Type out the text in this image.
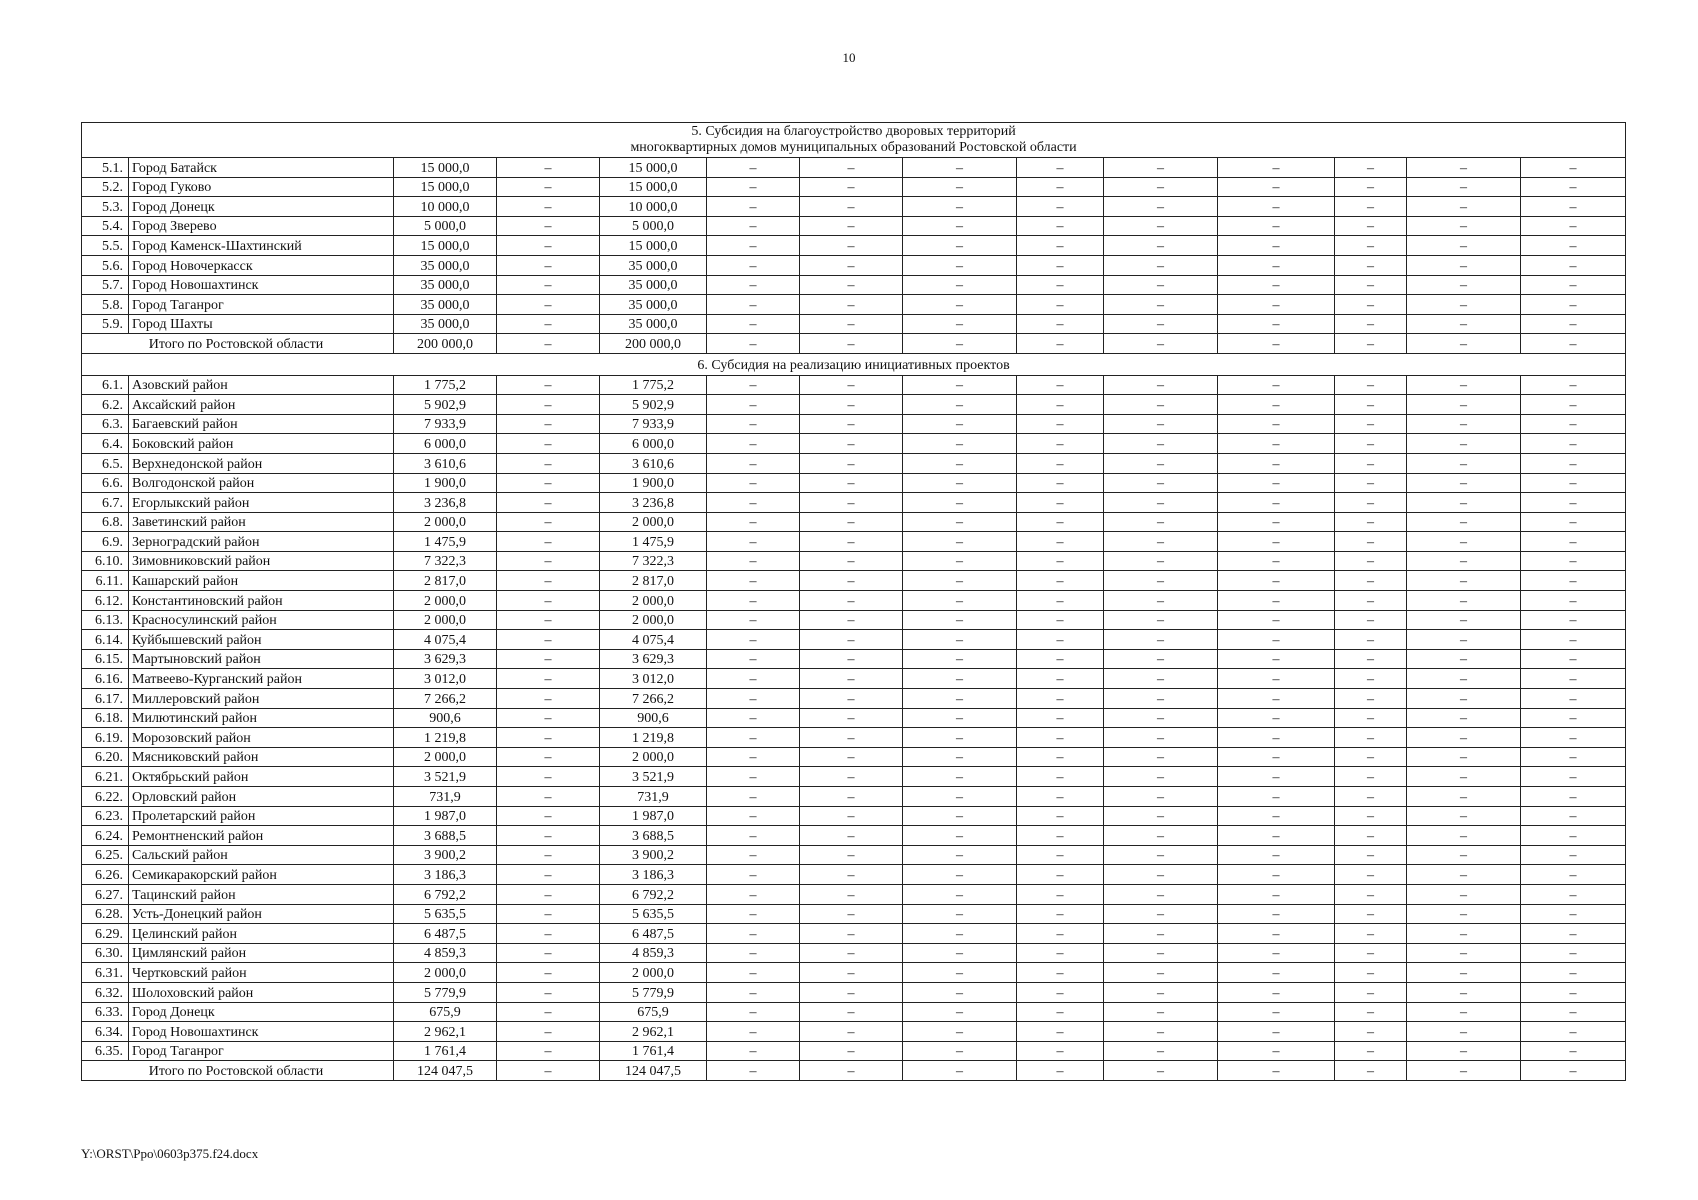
10
5. Субсидия на благоустройство дворовых территорий
многоквартирных домов муниципальных образований Ростовской области														

5.1.	Город Батайск	15 000,0	–	15 000,0	–	–	–	–	–	–	–	–	–	
5.2.	Город Гуково	15 000,0	–	15 000,0	–	–	–	–	–	–	–	–	–	
5.3.	Город Донецк	10 000,0	–	10 000,0	–	–	–	–	–	–	–	–	–	
5.4.	Город Зверево	5 000,0	–	5 000,0	–	–	–	–	–	–	–	–	–	
5.5.	Город Каменск-Шахтинский	15 000,0	–	15 000,0	–	–	–	–	–	–	–	–	–	
5.6.	Город Новочеркасск	35 000,0	–	35 000,0	–	–	–	–	–	–	–	–	–	
5.7.	Город Новошахтинск	35 000,0	–	35 000,0	–	–	–	–	–	–	–	–	–	
5.8.	Город Таганрог	35 000,0	–	35 000,0	–	–	–	–	–	–	–	–	–	
5.9.	Город Шахты	35 000,0	–	35 000,0	–	–	–	–	–	–	–	–	–	
Итого по Ростовской области		200 000,0	–	200 000,0	–	–	–	–	–	–	–	–	–	

6. Субсидия на реализацию инициативных проектов														

6.1.	Азовский район	1 775,2	–	1 775,2	–	–	–	–	–	–	–	–	–	
6.2.	Аксайский район	5 902,9	–	5 902,9	–	–	–	–	–	–	–	–	–	
6.3.	Багаевский район	7 933,9	–	7 933,9	–	–	–	–	–	–	–	–	–	
6.4.	Боковский район	6 000,0	–	6 000,0	–	–	–	–	–	–	–	–	–	
6.5.	Верхнедонской район	3 610,6	–	3 610,6	–	–	–	–	–	–	–	–	–	
6.6.	Волгодонской район	1 900,0	–	1 900,0	–	–	–	–	–	–	–	–	–	
6.7.	Егорлыкский район	3 236,8	–	3 236,8	–	–	–	–	–	–	–	–	–	
6.8.	Заветинский район	2 000,0	–	2 000,0	–	–	–	–	–	–	–	–	–	
6.9.	Зерноградский район	1 475,9	–	1 475,9	–	–	–	–	–	–	–	–	–	
6.10.	Зимовниковский район	7 322,3	–	7 322,3	–	–	–	–	–	–	–	–	–	
6.11.	Кашарский район	2 817,0	–	2 817,0	–	–	–	–	–	–	–	–	–	
6.12.	Константиновский район	2 000,0	–	2 000,0	–	–	–	–	–	–	–	–	–	
6.13.	Красносулинский район	2 000,0	–	2 000,0	–	–	–	–	–	–	–	–	–	
6.14.	Куйбышевский район	4 075,4	–	4 075,4	–	–	–	–	–	–	–	–	–	
6.15.	Мартыновский район	3 629,3	–	3 629,3	–	–	–	–	–	–	–	–	–	
6.16.	Матвеево-Курганский район	3 012,0	–	3 012,0	–	–	–	–	–	–	–	–	–	
6.17.	Миллеровский район	7 266,2	–	7 266,2	–	–	–	–	–	–	–	–	–	
6.18.	Милютинский район	900,6	–	900,6	–	–	–	–	–	–	–	–	–	
6.19.	Морозовский район	1 219,8	–	1 219,8	–	–	–	–	–	–	–	–	–	
6.20.	Мясниковский район	2 000,0	–	2 000,0	–	–	–	–	–	–	–	–	–	
6.21.	Октябрьский район	3 521,9	–	3 521,9	–	–	–	–	–	–	–	–	–	
6.22.	Орловский район	731,9	–	731,9	–	–	–	–	–	–	–	–	–	
6.23.	Пролетарский район	1 987,0	–	1 987,0	–	–	–	–	–	–	–	–	–	
6.24.	Ремонтненский район	3 688,5	–	3 688,5	–	–	–	–	–	–	–	–	–	
6.25.	Сальский район	3 900,2	–	3 900,2	–	–	–	–	–	–	–	–	–	
6.26.	Семикаракорский район	3 186,3	–	3 186,3	–	–	–	–	–	–	–	–	–	
6.27.	Тацинский район	6 792,2	–	6 792,2	–	–	–	–	–	–	–	–	–	
6.28.	Усть-Донецкий район	5 635,5	–	5 635,5	–	–	–	–	–	–	–	–	–	
6.29.	Целинский район	6 487,5	–	6 487,5	–	–	–	–	–	–	–	–	–	
6.30.	Цимлянский район	4 859,3	–	4 859,3	–	–	–	–	–	–	–	–	–	
6.31.	Чертковский район	2 000,0	–	2 000,0	–	–	–	–	–	–	–	–	–	
6.32.	Шолоховский район	5 779,9	–	5 779,9	–	–	–	–	–	–	–	–	–	
6.33.	Город Донецк	675,9	–	675,9	–	–	–	–	–	–	–	–	–	
6.34.	Город Новошахтинск	2 962,1	–	2 962,1	–	–	–	–	–	–	–	–	–	
6.35.	Город Таганрог	1 761,4	–	1 761,4	–	–	–	–	–	–	–	–	–	
Итого по Ростовской области		124 047,5	–	124 047,5	–	–	–	–	–	–	–	–	–	
Y:\ORST\Ppo\0603p375.f24.docx
